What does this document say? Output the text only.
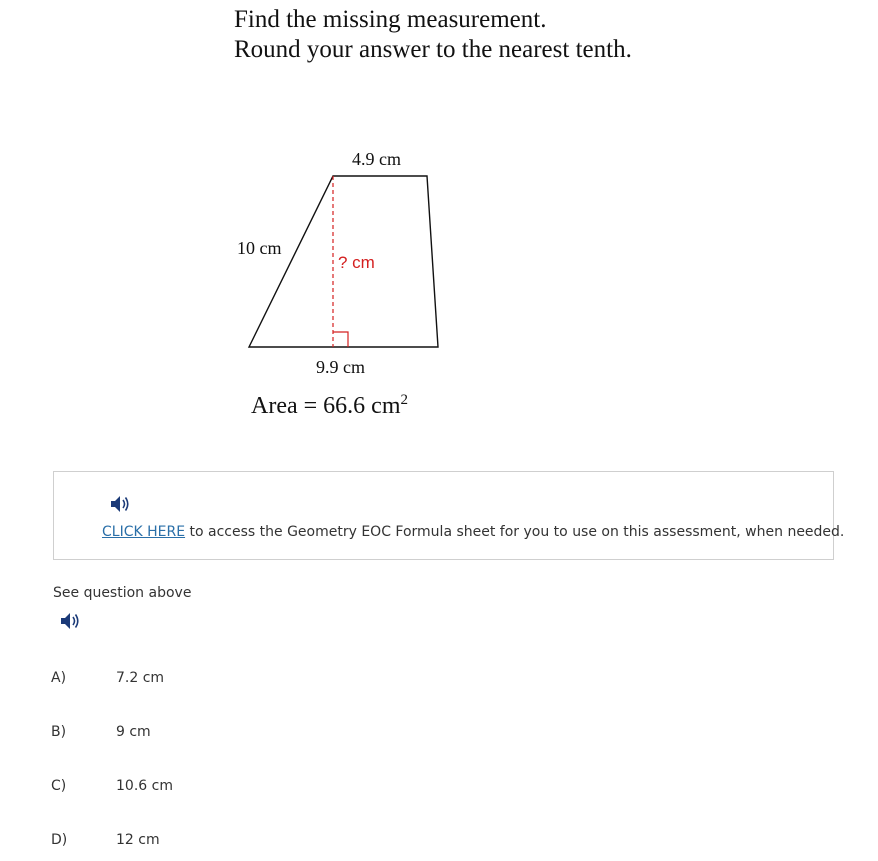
Find the missing measurement.
Round your answer to the nearest tenth.
4.9 cm
10 cm
? cm
9.9 cm
Area = 66.6 $cm^2$
CLICK HERE to access the Geometry EOC Formula sheet for you to use on this assessment, when needed.
See question above
A)	7.2 cm
B)	9 cm
C)	10.6 cm
D)	12 cm
